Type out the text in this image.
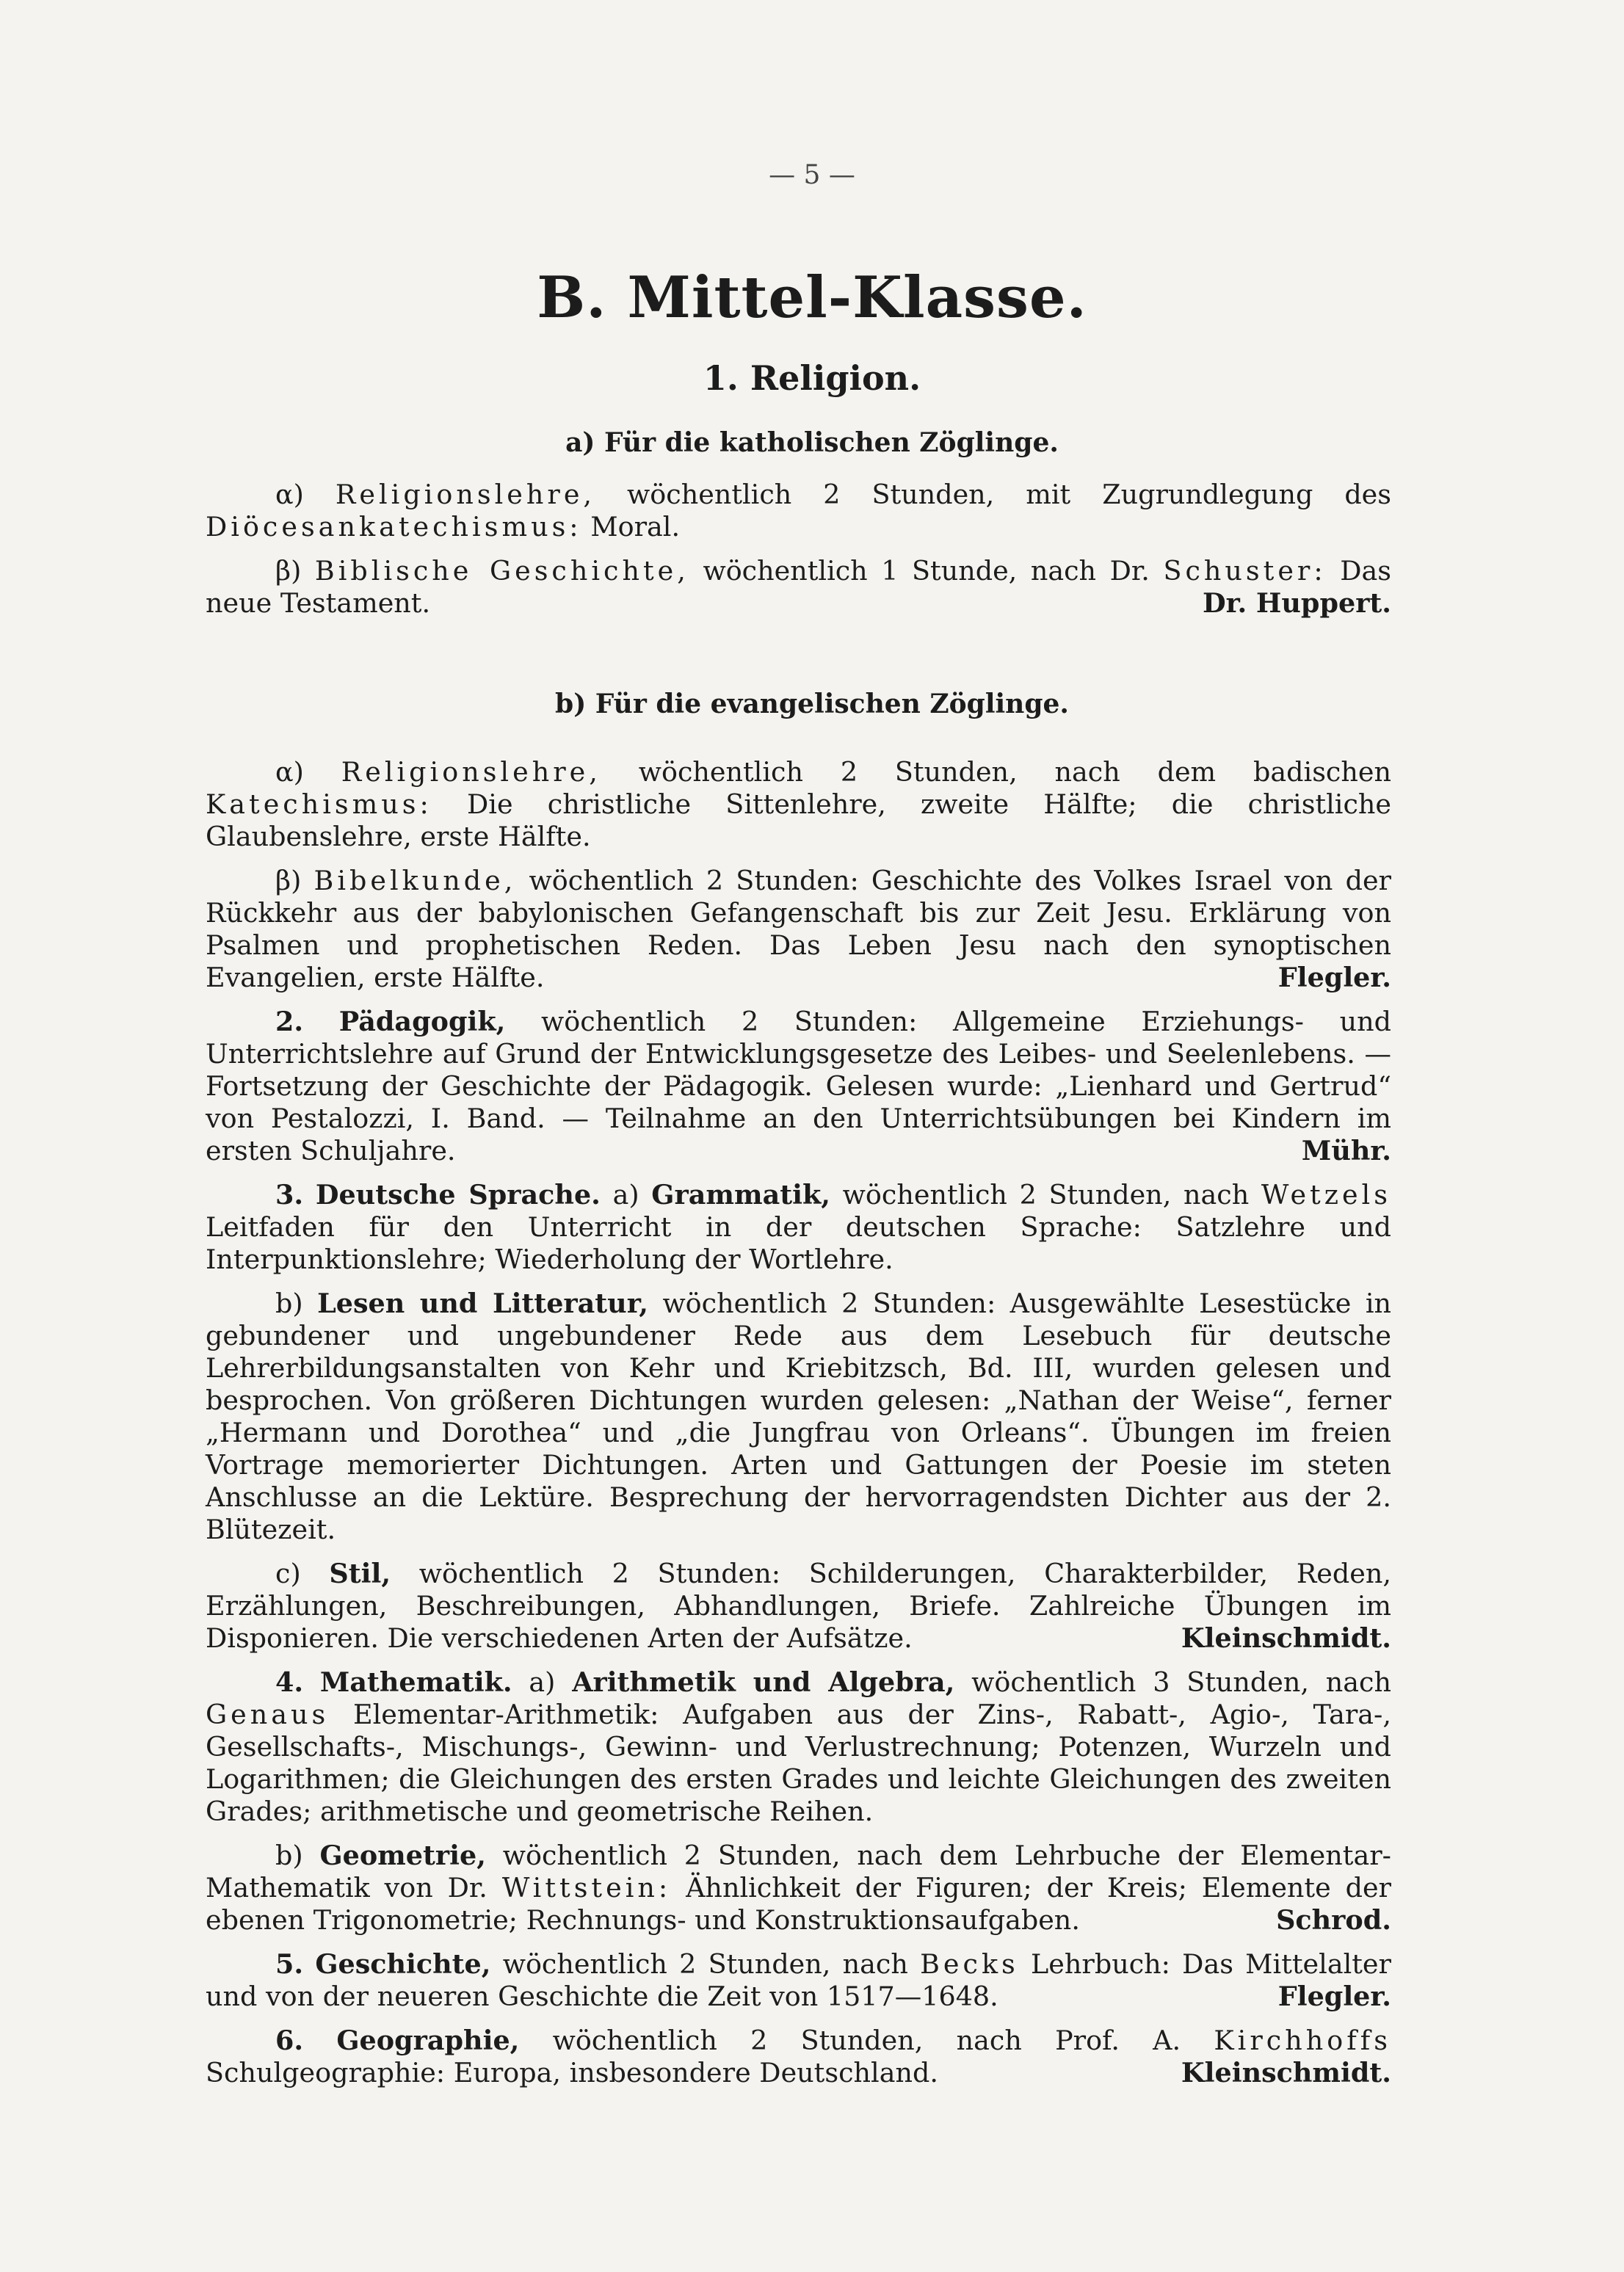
— 5 —
B. Mittel-Klasse.
1. Religion.
a) Für die katholischen Zöglinge.

α) Religionslehre, wöchentlich 2 Stunden, mit Zugrundlegung des Diöcesankatechismus: Moral.

β) Biblische Geschichte, wöchentlich 1 Stunde, nach Dr. Schuster: Das neue Testament.	Dr. Huppert.

b) Für die evangelischen Zöglinge.

α) Religionslehre, wöchentlich 2 Stunden, nach dem badischen Katechismus: Die christliche Sittenlehre, zweite Hälfte; die christliche Glaubenslehre, erste Hälfte.

β) Bibelkunde, wöchentlich 2 Stunden: Geschichte des Volkes Israel von der Rückkehr aus der babylonischen Gefangenschaft bis zur Zeit Jesu. Erklärung von Psalmen und prophetischen Reden. Das Leben Jesu nach den synoptischen Evangelien, erste Hälfte.	Flegler.

2. Pädagogik, wöchentlich 2 Stunden: Allgemeine Erziehungs- und Unterrichtslehre auf Grund der Entwicklungsgesetze des Leibes- und Seelenlebens. — Fortsetzung der Geschichte der Pädagogik. Gelesen wurde: „Lienhard und Gertrud“ von Pestalozzi, I. Band. — Teilnahme an den Unterrichtsübungen bei Kindern im ersten Schuljahre.	Mühr.

3. Deutsche Sprache. a) Grammatik, wöchentlich 2 Stunden, nach Wetzels Leitfaden für den Unterricht in der deutschen Sprache: Satzlehre und Interpunktionslehre; Wiederholung der Wortlehre.

b) Lesen und Litteratur, wöchentlich 2 Stunden: Ausgewählte Lesestücke in gebundener und ungebundener Rede aus dem Lesebuch für deutsche Lehrerbildungsanstalten von Kehr und Kriebitzsch, Bd. III, wurden gelesen und besprochen. Von größeren Dichtungen wurden gelesen: „Nathan der Weise“, ferner „Hermann und Dorothea“ und „die Jungfrau von Orleans“. Übungen im freien Vortrage memorierter Dichtungen. Arten und Gattungen der Poesie im steten Anschlusse an die Lektüre. Besprechung der hervorragendsten Dichter aus der 2. Blütezeit.

c) Stil, wöchentlich 2 Stunden: Schilderungen, Charakterbilder, Reden, Erzählungen, Beschreibungen, Abhandlungen, Briefe. Zahlreiche Übungen im Disponieren. Die verschiedenen Arten der Aufsätze.	Kleinschmidt.

4. Mathematik. a) Arithmetik und Algebra, wöchentlich 3 Stunden, nach Genaus Elementar-Arithmetik: Aufgaben aus der Zins-, Rabatt-, Agio-, Tara-, Gesellschafts-, Mischungs-, Gewinn- und Verlustrechnung; Potenzen, Wurzeln und Logarithmen; die Gleichungen des ersten Grades und leichte Gleichungen des zweiten Grades; arithmetische und geometrische Reihen.

b) Geometrie, wöchentlich 2 Stunden, nach dem Lehrbuche der Elementar-Mathematik von Dr. Wittstein: Ähnlichkeit der Figuren; der Kreis; Elemente der ebenen Trigonometrie; Rechnungs- und Konstruktionsaufgaben.	Schrod.

5. Geschichte, wöchentlich 2 Stunden, nach Becks Lehrbuch: Das Mittelalter und von der neueren Geschichte die Zeit von 1517—1648.	Flegler.

6. Geographie, wöchentlich 2 Stunden, nach Prof. A. Kirchhoffs Schulgeographie: Europa, insbesondere Deutschland.	Kleinschmidt.
